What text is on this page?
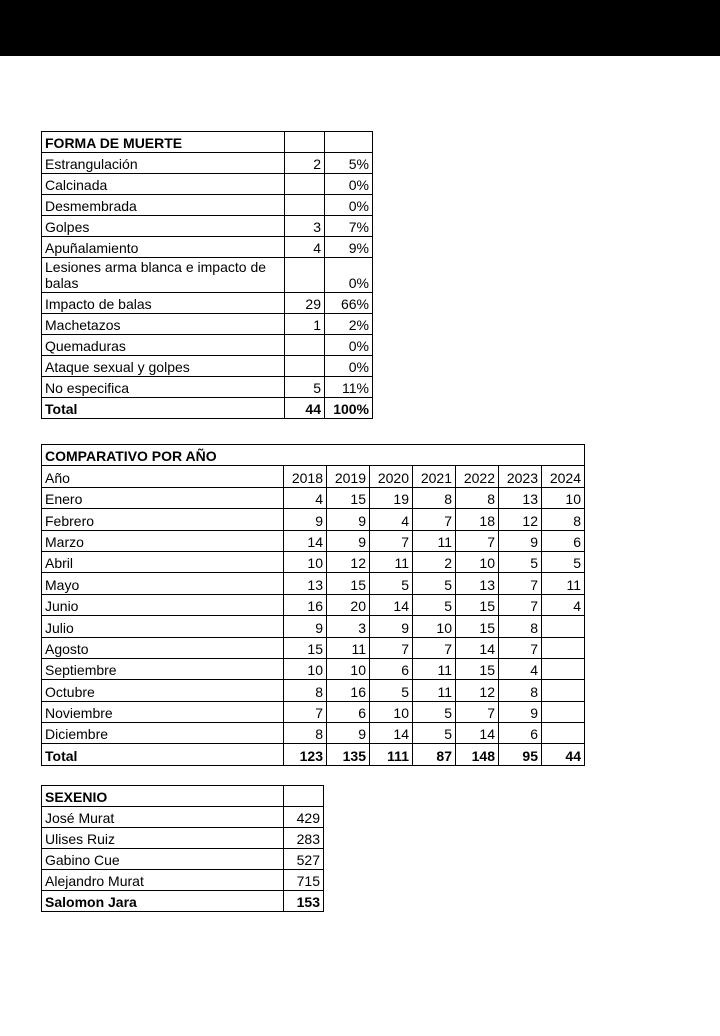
FORMA DE MUERTE		
Estrangulación	2	5%
Calcinada		0%
Desmembrada		0%
Golpes	3	7%
Apuñalamiento	4	9%
Lesiones arma blanca e impacto de balas		0%
Impacto de balas	29	66%
Machetazos	1	2%
Quemaduras		0%
Ataque sexual y golpes		0%
No especifica	5	11%
Total	44	100%
COMPARATIVO POR AÑO							
Año	2018	2019	2020	2021	2022	2023	2024
Enero	4	15	19	8	8	13	10
Febrero	9	9	4	7	18	12	8
Marzo	14	9	7	11	7	9	6
Abril	10	12	11	2	10	5	5
Mayo	13	15	5	5	13	7	11
Junio	16	20	14	5	15	7	4
Julio	9	3	9	10	15	8	
Agosto	15	11	7	7	14	7	
Septiembre	10	10	6	11	15	4	
Octubre	8	16	5	11	12	8	
Noviembre	7	6	10	5	7	9	
Diciembre	8	9	14	5	14	6	
Total	123	135	111	87	148	95	44
SEXENIO	
José Murat	429
Ulises Ruiz	283
Gabino Cue	527
Alejandro Murat	715
Salomon Jara	153
